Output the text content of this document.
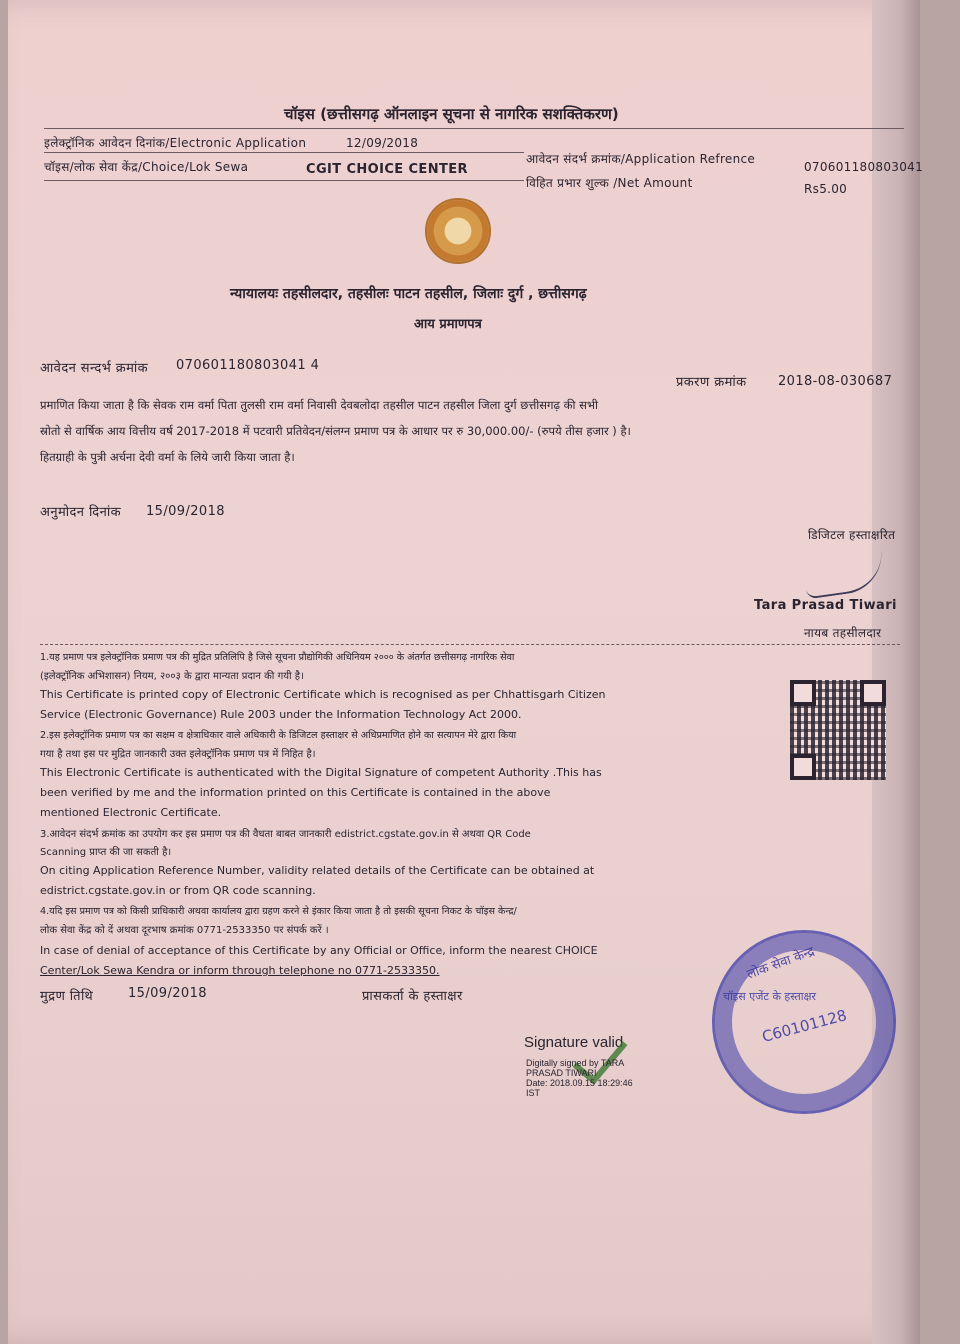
चॉइस (छत्तीसगढ़ ऑनलाइन सूचना से नागरिक सशक्तिकरण)
इलेक्ट्रॉनिक आवेदन दिनांक/Electronic Application	12/09/2018
चॉइस/लोक सेवा केंद्र/Choice/Lok Sewa	CGIT CHOICE CENTER
आवेदन संदर्भ क्रमांक/Application Refrence
070601180803041
विहित प्रभार शुल्क /Net Amount	Rs5.00
न्यायालयः तहसीलदार, तहसीलः पाटन तहसील, जिलाः दुर्ग , छत्तीसगढ़
आय प्रमाणपत्र
आवेदन सन्दर्भ क्रमांक 070601180803041 4
प्रकरण क्रमांक 2018-08-030687
प्रमाणित किया जाता है कि सेवक राम वर्मा पिता तुलसी राम वर्मा निवासी देवबलोदा तहसील पाटन तहसील जिला दुर्ग छत्तीसगढ़ की सभी
स्रोतो से वार्षिक आय वित्तीय वर्ष 2017-2018 में पटवारी प्रतिवेदन/संलग्न प्रमाण पत्र के आधार पर रु 30,000.00/- (रुपये तीस हजार ) है।
हितग्राही के पुत्री अर्चना देवी वर्मा के लिये जारी किया जाता है।
अनुमोदन दिनांक 15/09/2018
डिजिटल हस्ताक्षरित
Tara Prasad Tiwari
नायब तहसीलदार
1.यह प्रमाण पत्र इलेक्ट्रॉनिक प्रमाण पत्र की मुद्रित प्रतिलिपि है जिसे सूचना प्रौद्योगिकी अधिनियम २००० के अंतर्गत छत्तीसगढ़ नागरिक सेवा
(इलेक्ट्रॉनिक अभिशासन) नियम, २००३ के द्वारा मान्यता प्रदान की गयी है।
This Certificate is printed copy of Electronic Certificate which is recognised as per Chhattisgarh Citizen
Service (Electronic Governance) Rule 2003 under the Information Technology Act 2000.
2.इस इलेक्ट्रॉनिक प्रमाण पत्र का सक्षम व क्षेत्राधिकार वाले अधिकारी के डिजिटल हस्ताक्षर से अधिप्रमाणित होने का सत्यापन मेरे द्वारा किया
गया है तथा इस पर मुद्रित जानकारी उक्त इलेक्ट्रॉनिक प्रमाण पत्र में निहित है।
This Electronic Certificate is authenticated with the Digital Signature of competent Authority .This has
been verified by me and the information printed on this Certificate is contained in the above
mentioned Electronic Certificate.
3.आवेदन संदर्भ क्रमांक का उपयोग कर इस प्रमाण पत्र की वैधता बाबत जानकारी edistrict.cgstate.gov.in से अथवा QR Code
Scanning प्राप्त की जा सकती है।
On citing Application Reference Number, validity related details of the Certificate can be obtained at
edistrict.cgstate.gov.in or from QR code scanning.
4.यदि इस प्रमाण पत्र को किसी प्राधिकारी अथवा कार्यालय द्वारा ग्रहण करने से इंकार किया जाता है तो इसकी सूचना निकट के चॉइस केन्द्र/
लोक सेवा केंद्र को दें अथवा दूरभाष क्रमांक 0771-2533350 पर संपर्क करें ।
In case of denial of acceptance of this Certificate by any Official or Office, inform the nearest CHOICE
Center/Lok Sewa Kendra or inform through telephone no 0771-2533350.
मुद्रण तिथि	15/09/2018	प्रासकर्ता के हस्ताक्षर
Signature valid
Digitally signed by TARA
PRASAD TIWARI
Date: 2018.09.15 18:29:46
IST
लोक सेवा केन्द्र
चॉइस एजेंट के हस्ताक्षर
C60101128
